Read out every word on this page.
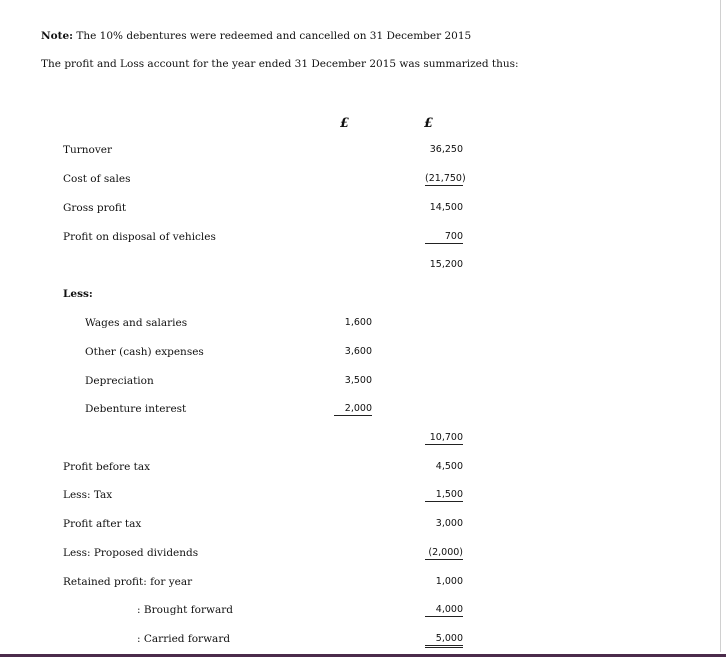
Note: The 10% debentures were redeemed and cancelled on 31 December 2015
The profit and Loss account for the year ended 31 December 2015 was summarized thus:
£	£
Turnover	36,250
Cost of sales	(21,750)
Gross profit	14,500
Profit on disposal of vehicles	700
15,200
Less:
Wages and salaries	1,600
Other (cash) expenses	3,600
Depreciation	3,500
Debenture interest	2,000
10,700
Profit before tax	4,500
Less: Tax	1,500
Profit after tax	3,000
Less: Proposed dividends	(2,000)
Retained profit: for year	1,000
: Brought forward	4,000
: Carried forward	5,000
